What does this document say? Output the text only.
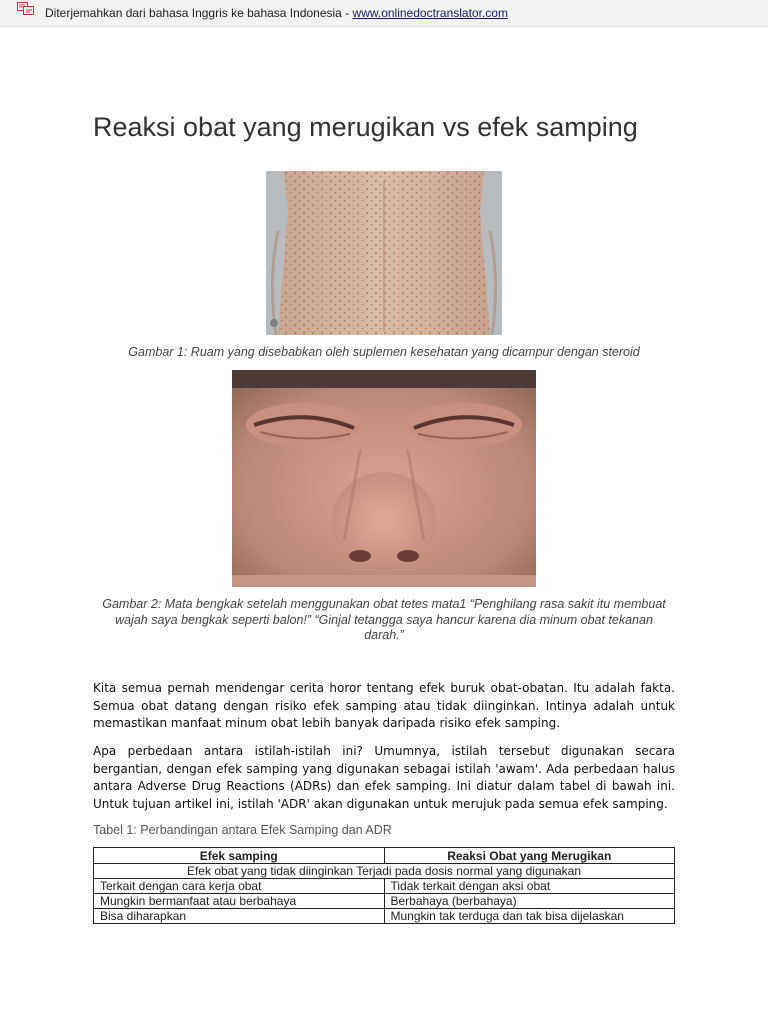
Diterjemahkan dari bahasa Inggris ke bahasa Indonesia - www.onlinedoctranslator.com
Reaksi obat yang merugikan vs efek samping
Gambar 1: Ruam yang disebabkan oleh suplemen kesehatan yang dicampur dengan steroid
Gambar 2: Mata bengkak setelah menggunakan obat tetes mata1 “Penghilang rasa sakit itu membuat wajah saya bengkak seperti balon!” “Ginjal tetangga saya hancur karena dia minum obat tekanan darah.”

Kita semua pernah mendengar cerita horor tentang efek buruk obat-obatan. Itu adalah fakta. Semua obat datang dengan risiko efek samping atau tidak diinginkan. Intinya adalah untuk memastikan manfaat minum obat lebih banyak daripada risiko efek samping.

Apa perbedaan antara istilah-istilah ini? Umumnya, istilah tersebut digunakan secara bergantian, dengan efek samping yang digunakan sebagai istilah 'awam'. Ada perbedaan halus antara Adverse Drug Reactions (ADRs) dan efek samping. Ini diatur dalam tabel di bawah ini. Untuk tujuan artikel ini, istilah 'ADR' akan digunakan untuk merujuk pada semua efek samping.

Tabel 1: Perbandingan antara Efek Samping dan ADR
Efek samping	Reaksi Obat yang Merugikan
Efek obat yang tidak diinginkan Terjadi pada dosis normal yang digunakan	
Terkait dengan cara kerja obat	Tidak terkait dengan aksi obat
Mungkin bermanfaat atau berbahaya	Berbahaya (berbahaya)
Bisa diharapkan	Mungkin tak terduga dan tak bisa dijelaskan
